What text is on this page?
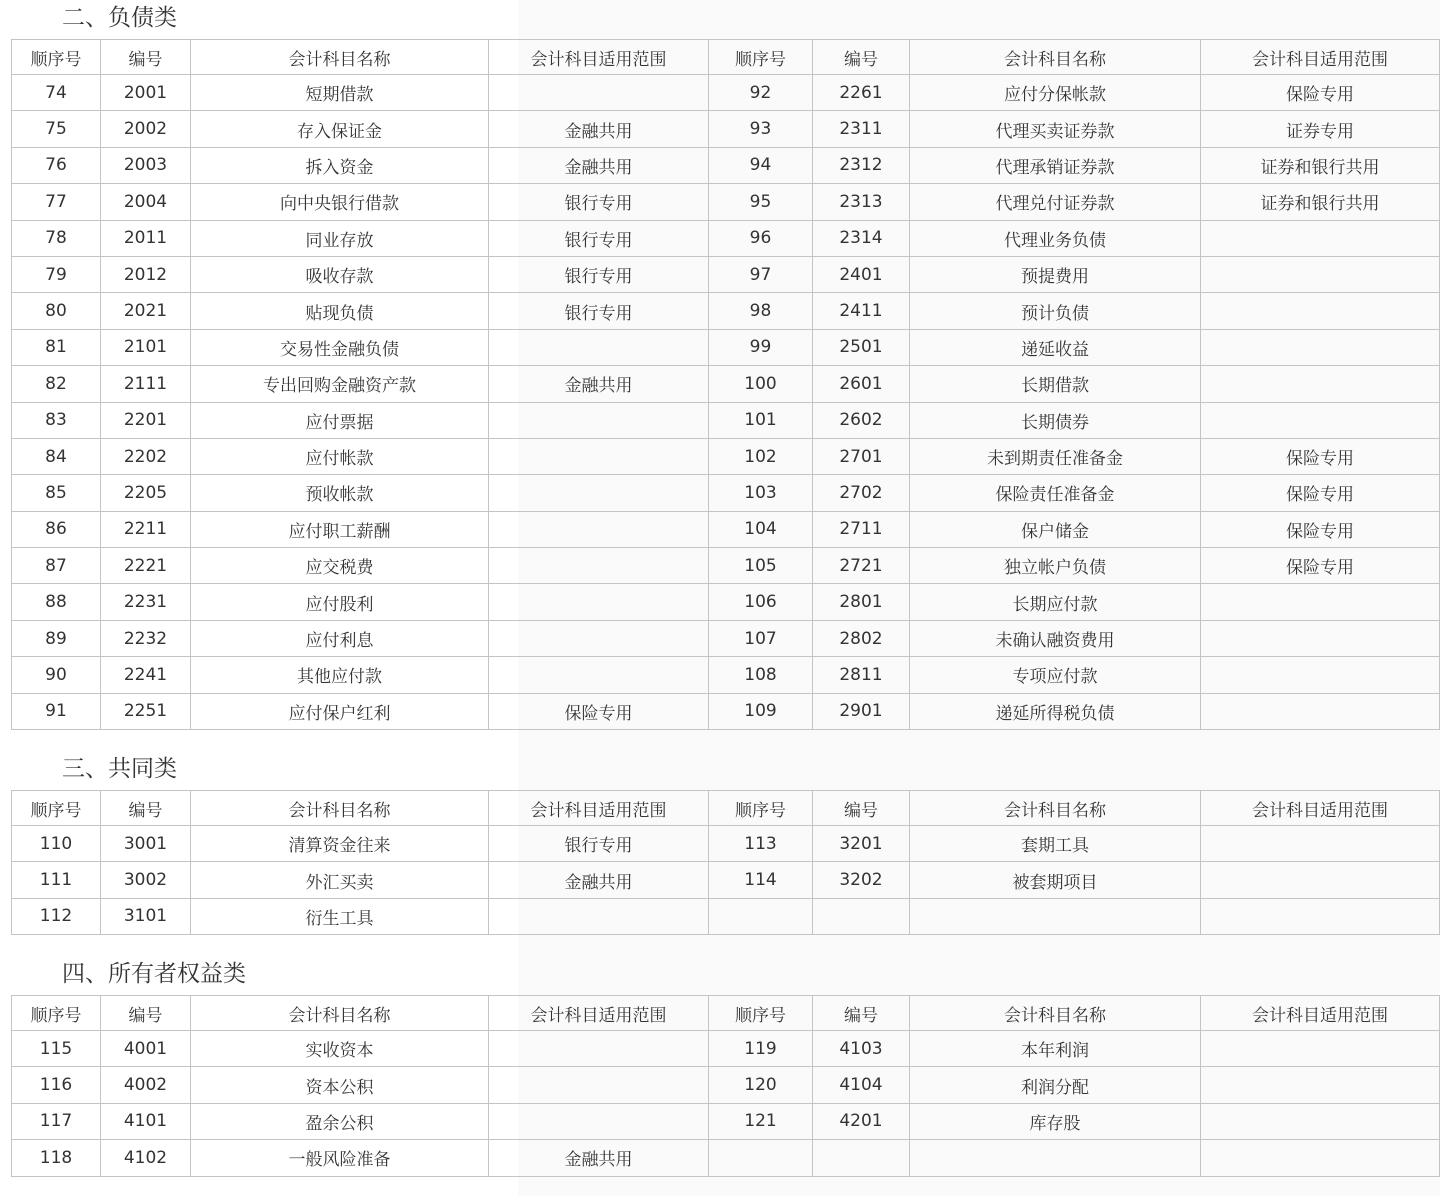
二、负债类
顺序号	编号	会计科目名称	会计科目适用范围	顺序号	编号	会计科目名称	会计科目适用范围
74	2001	短期借款		92	2261	应付分保帐款	保险专用
75	2002	存入保证金	金融共用	93	2311	代理买卖证券款	证券专用
76	2003	拆入资金	金融共用	94	2312	代理承销证券款	证券和银行共用
77	2004	向中央银行借款	银行专用	95	2313	代理兑付证券款	证券和银行共用
78	2011	同业存放	银行专用	96	2314	代理业务负债	
79	2012	吸收存款	银行专用	97	2401	预提费用	
80	2021	贴现负债	银行专用	98	2411	预计负债	
81	2101	交易性金融负债		99	2501	递延收益	
82	2111	专出回购金融资产款	金融共用	100	2601	长期借款	
83	2201	应付票据		101	2602	长期债券	
84	2202	应付帐款		102	2701	未到期责任准备金	保险专用
85	2205	预收帐款		103	2702	保险责任准备金	保险专用
86	2211	应付职工薪酬		104	2711	保户储金	保险专用
87	2221	应交税费		105	2721	独立帐户负债	保险专用
88	2231	应付股利		106	2801	长期应付款	
89	2232	应付利息		107	2802	未确认融资费用	
90	2241	其他应付款		108	2811	专项应付款	
91	2251	应付保户红利	保险专用	109	2901	递延所得税负债	
三、共同类
顺序号	编号	会计科目名称	会计科目适用范围	顺序号	编号	会计科目名称	会计科目适用范围
110	3001	清算资金往来	银行专用	113	3201	套期工具	
111	3002	外汇买卖	金融共用	114	3202	被套期项目	
112	3101	衍生工具					
四、所有者权益类
顺序号	编号	会计科目名称	会计科目适用范围	顺序号	编号	会计科目名称	会计科目适用范围
115	4001	实收资本		119	4103	本年利润	
116	4002	资本公积		120	4104	利润分配	
117	4101	盈余公积		121	4201	库存股	
118	4102	一般风险准备	金融共用				
